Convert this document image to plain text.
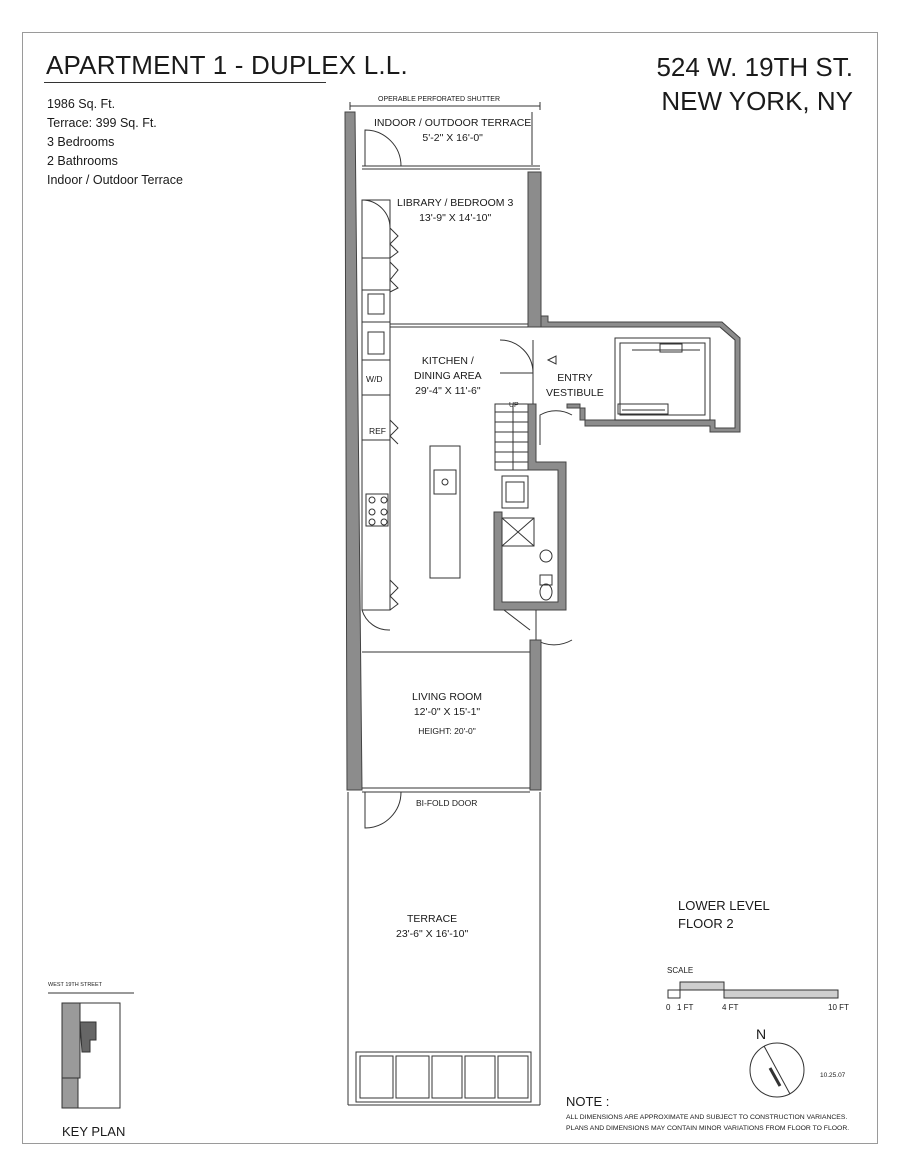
APARTMENT 1 - DUPLEX L.L.	524 W. 19TH ST.
NEW YORK, NY
1986 Sq. Ft.
Terrace: 399 Sq. Ft.
3 Bedrooms
2 Bathrooms
Indoor / Outdoor Terrace
OPERABLE PERFORATED SHUTTER
INDOOR / OUTDOOR TERRACE
5'-2" X 16'-0"
LIBRARY / BEDROOM 3
13'-9" X 14'-10"
KITCHEN /
DINING AREA
29'-4" X 11'-6"
ENTRY
VESTIBULE
W/D
REF
UP
LIVING ROOM
12'-0" X 15'-1"
HEIGHT: 20'-0"
BI-FOLD DOOR
TERRACE
23'-6" X 16'-10"
LOWER LEVEL
FLOOR 2
SCALE
0 1 FT	4 FT	10 FT
N
10.25.07
NOTE :
ALL DIMENSIONS ARE APPROXIMATE AND SUBJECT TO CONSTRUCTION VARIANCES.
PLANS AND DIMENSIONS MAY CONTAIN MINOR VARIATIONS FROM FLOOR TO FLOOR.
WEST 19TH STREET
KEY PLAN
